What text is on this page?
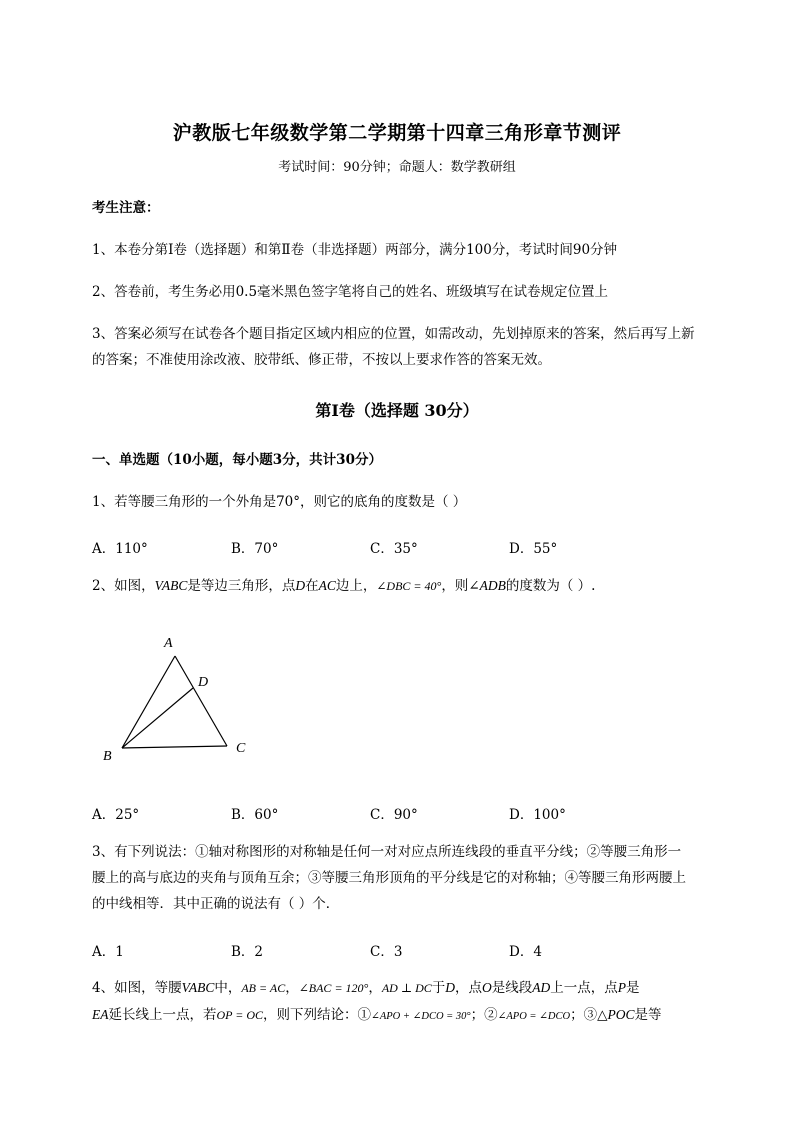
沪教版七年级数学第二学期第十四章三角形章节测评
考试时间：90分钟；命题人：数学教研组
考生注意：
1、本卷分第I卷（选择题）和第Ⅱ卷（非选择题）两部分，满分100分，考试时间90分钟
2、答卷前，考生务必用0.5毫米黑色签字笔将自己的姓名、班级填写在试卷规定位置上
3、答案必须写在试卷各个题目指定区域内相应的位置，如需改动，先划掉原来的答案，然后再写上新
的答案；不准使用涂改液、胶带纸、修正带，不按以上要求作答的答案无效。
第I卷（选择题 30分）
一、单选题（10小题，每小题3分，共计30分）
1、若等腰三角形的一个外角是70°，则它的底角的度数是（ ）
A．110°	B．70°	C．35°	D．55°
2、如图，VABC是等边三角形，点D在AC边上，∠DBC = 40°，则∠ADB的度数为（ ）.
A
D
B
C
A．25°	B．60°	C．90°	D．100°
3、有下列说法：①轴对称图形的对称轴是任何一对对应点所连线段的垂直平分线；②等腰三角形一
腰上的高与底边的夹角与顶角互余；③等腰三角形顶角的平分线是它的对称轴；④等腰三角形两腰上
的中线相等．其中正确的说法有（ ）个．
A．1	B．2	C．3	D．4
4、如图，等腰VABC中，AB = AC，∠BAC = 120°，AD ⊥ DC于D，点O是线段AD上一点，点P是
EA延长线上一点，若OP = OC，则下列结论：①∠APO + ∠DCO = 30°；②∠APO = ∠DCO；③△POC是等
